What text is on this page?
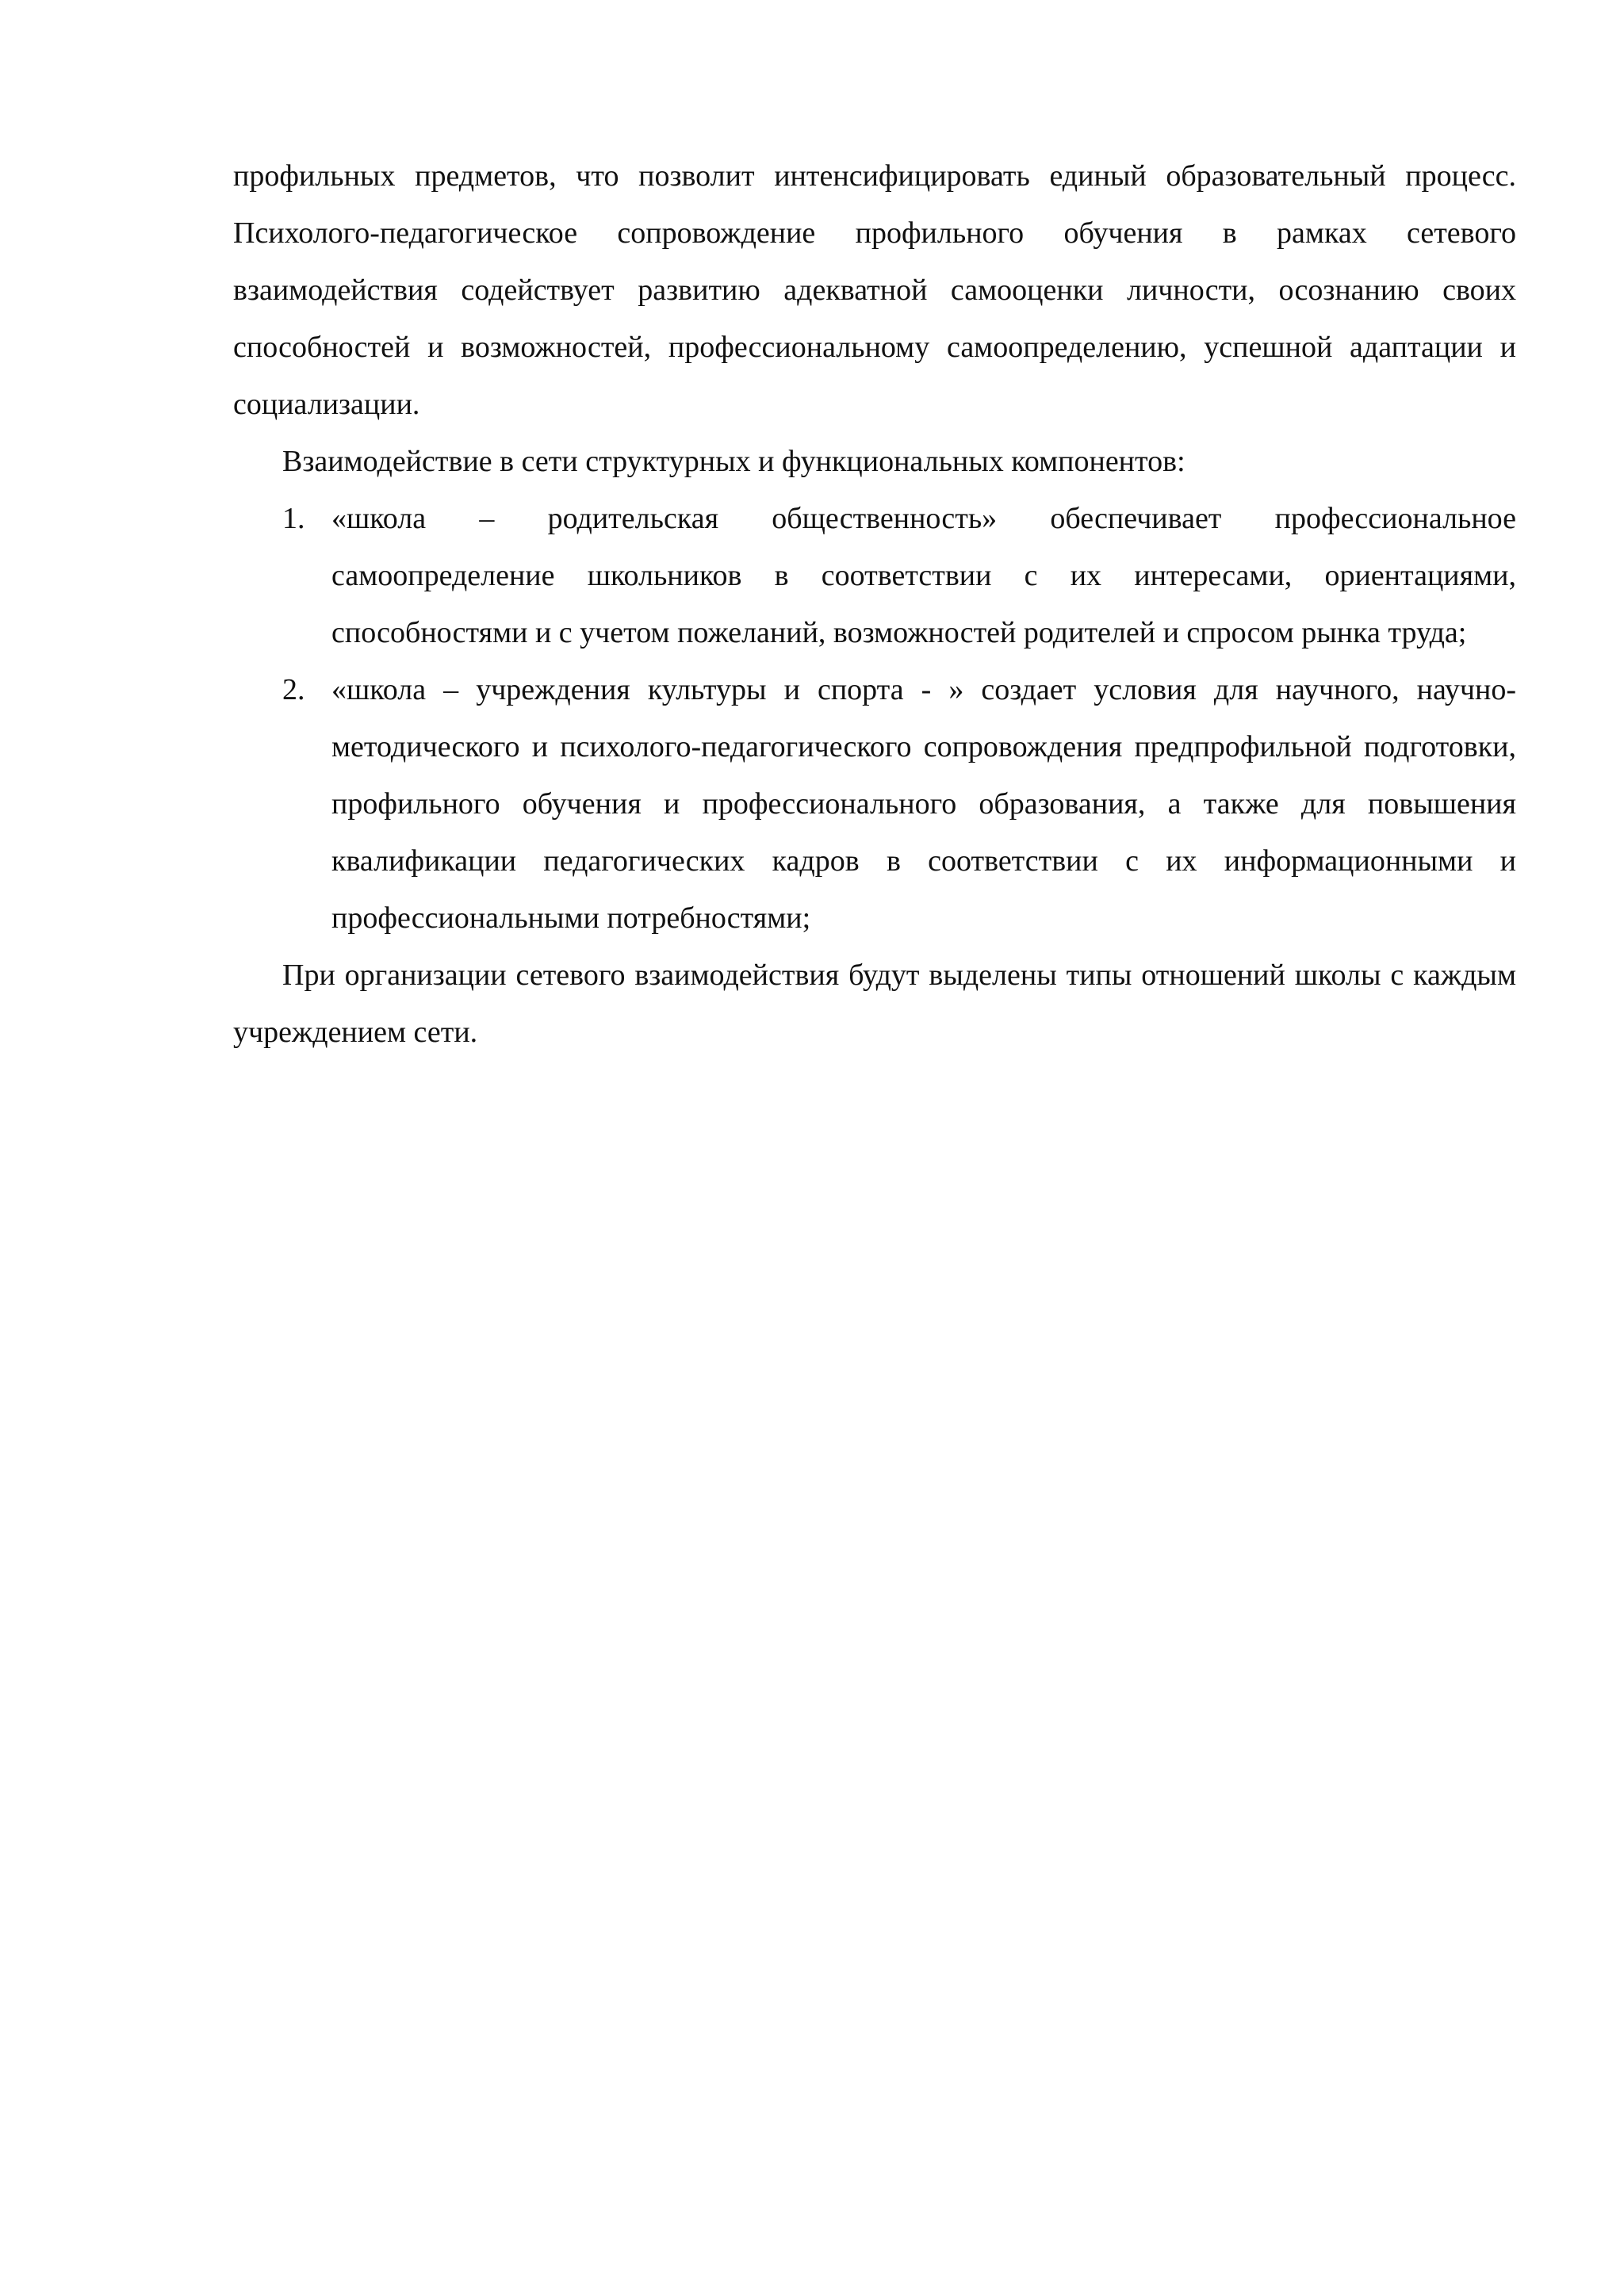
профильных предметов, что позволит интенсифицировать единый образовательный процесс. Психолого-педагогическое сопровождение профильного обучения в рамках сетевого взаимодействия содействует развитию адекватной самооценки личности, осознанию своих способностей и возможностей, профессиональному самоопределению, успешной адаптации и социализации.

Взаимодействие в сети структурных и функциональных компонентов:

1. «школа – родительская общественность» обеспечивает профессиональное самоопределение школьников в соответствии с их интересами, ориентациями, способностями и с учетом пожеланий, возможностей родителей и спросом рынка труда;
2. «школа – учреждения культуры и спорта - » создает условия для научного, научно-методического и психолого-педагогического сопровождения предпрофильной подготовки, профильного обучения и профессионального образования, а также для повышения квалификации педагогических кадров в соответствии с их информационными и профессиональными потребностями;

При организации сетевого взаимодействия будут выделены типы отношений школы с каждым учреждением сети.
